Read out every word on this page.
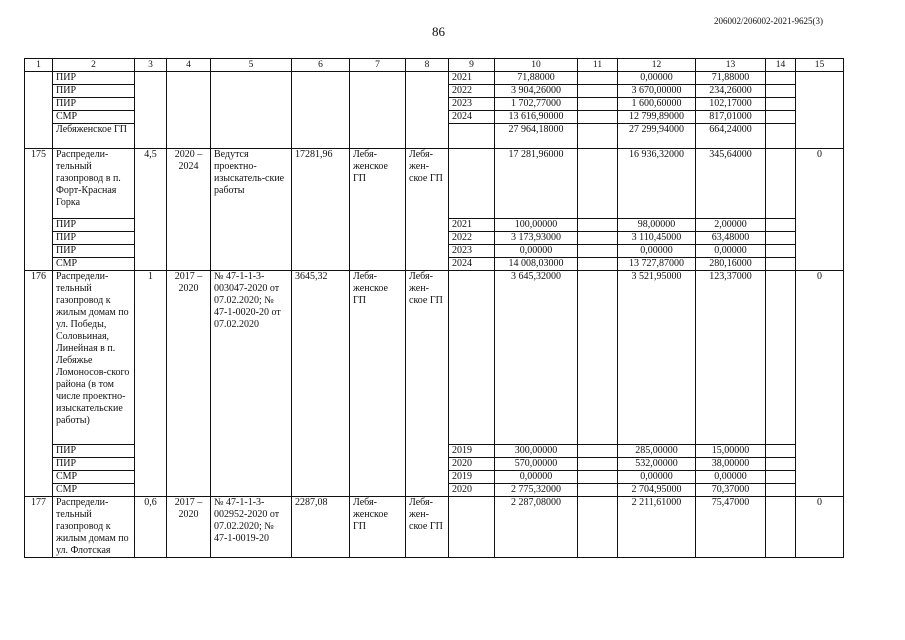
86
206002/206002-2021-9625(3)
1	2	3	4	5	6	7	8	9	10	11	12	13	14	15
	ПИР							2021	71,88000		0,00000	71,88000		
	ПИР							2022	3 904,26000		3 670,00000	234,26000		
	ПИР							2023	1 702,77000		1 600,60000	102,17000		
	СМР							2024	13 616,90000		12 799,89000	817,01000		
	Лебяженское ГП								27 964,18000		27 299,94000	664,24000		
175	Распредели-тельный газопровод в п. Форт-Красная Горка	4,5	2020 – 2024	Ведутся проектно-изыскатель-ские работы	17281,96	Лебя-женское ГП	Лебя-жен-ское ГП		17 281,96000		16 936,32000	345,64000		0
	ПИР							2021	100,00000		98,00000	2,00000		
	ПИР							2022	3 173,93000		3 110,45000	63,48000		
	ПИР							2023	0,00000		0,00000	0,00000		
	СМР							2024	14 008,03000		13 727,87000	280,16000		
176	Распредели-тельный газопровод к жилым домам по ул. Победы, Соловьиная, Линейная в п. Лебяжье Ломоносов-ского района (в том числе проектно-изыскательские работы)	1	2017 – 2020	№ 47-1-1-3-003047-2020 от 07.02.2020; № 47-1-0020-20 от 07.02.2020	3645,32	Лебя-женское ГП	Лебя-жен-ское ГП		3 645,32000		3 521,95000	123,37000		0
	ПИР							2019	300,00000		285,00000	15,00000		
	ПИР							2020	570,00000		532,00000	38,00000		
	СМР							2019	0,00000		0,00000	0,00000		
	СМР							2020	2 775,32000		2 704,95000	70,37000		
177	Распредели-тельный газопровод к жилым домам по ул. Флотская	0,6	2017 – 2020	№ 47-1-1-3-002952-2020 от 07.02.2020; № 47-1-0019-20	2287,08	Лебя-женское ГП	Лебя-жен-ское ГП		2 287,08000		2 211,61000	75,47000		0
